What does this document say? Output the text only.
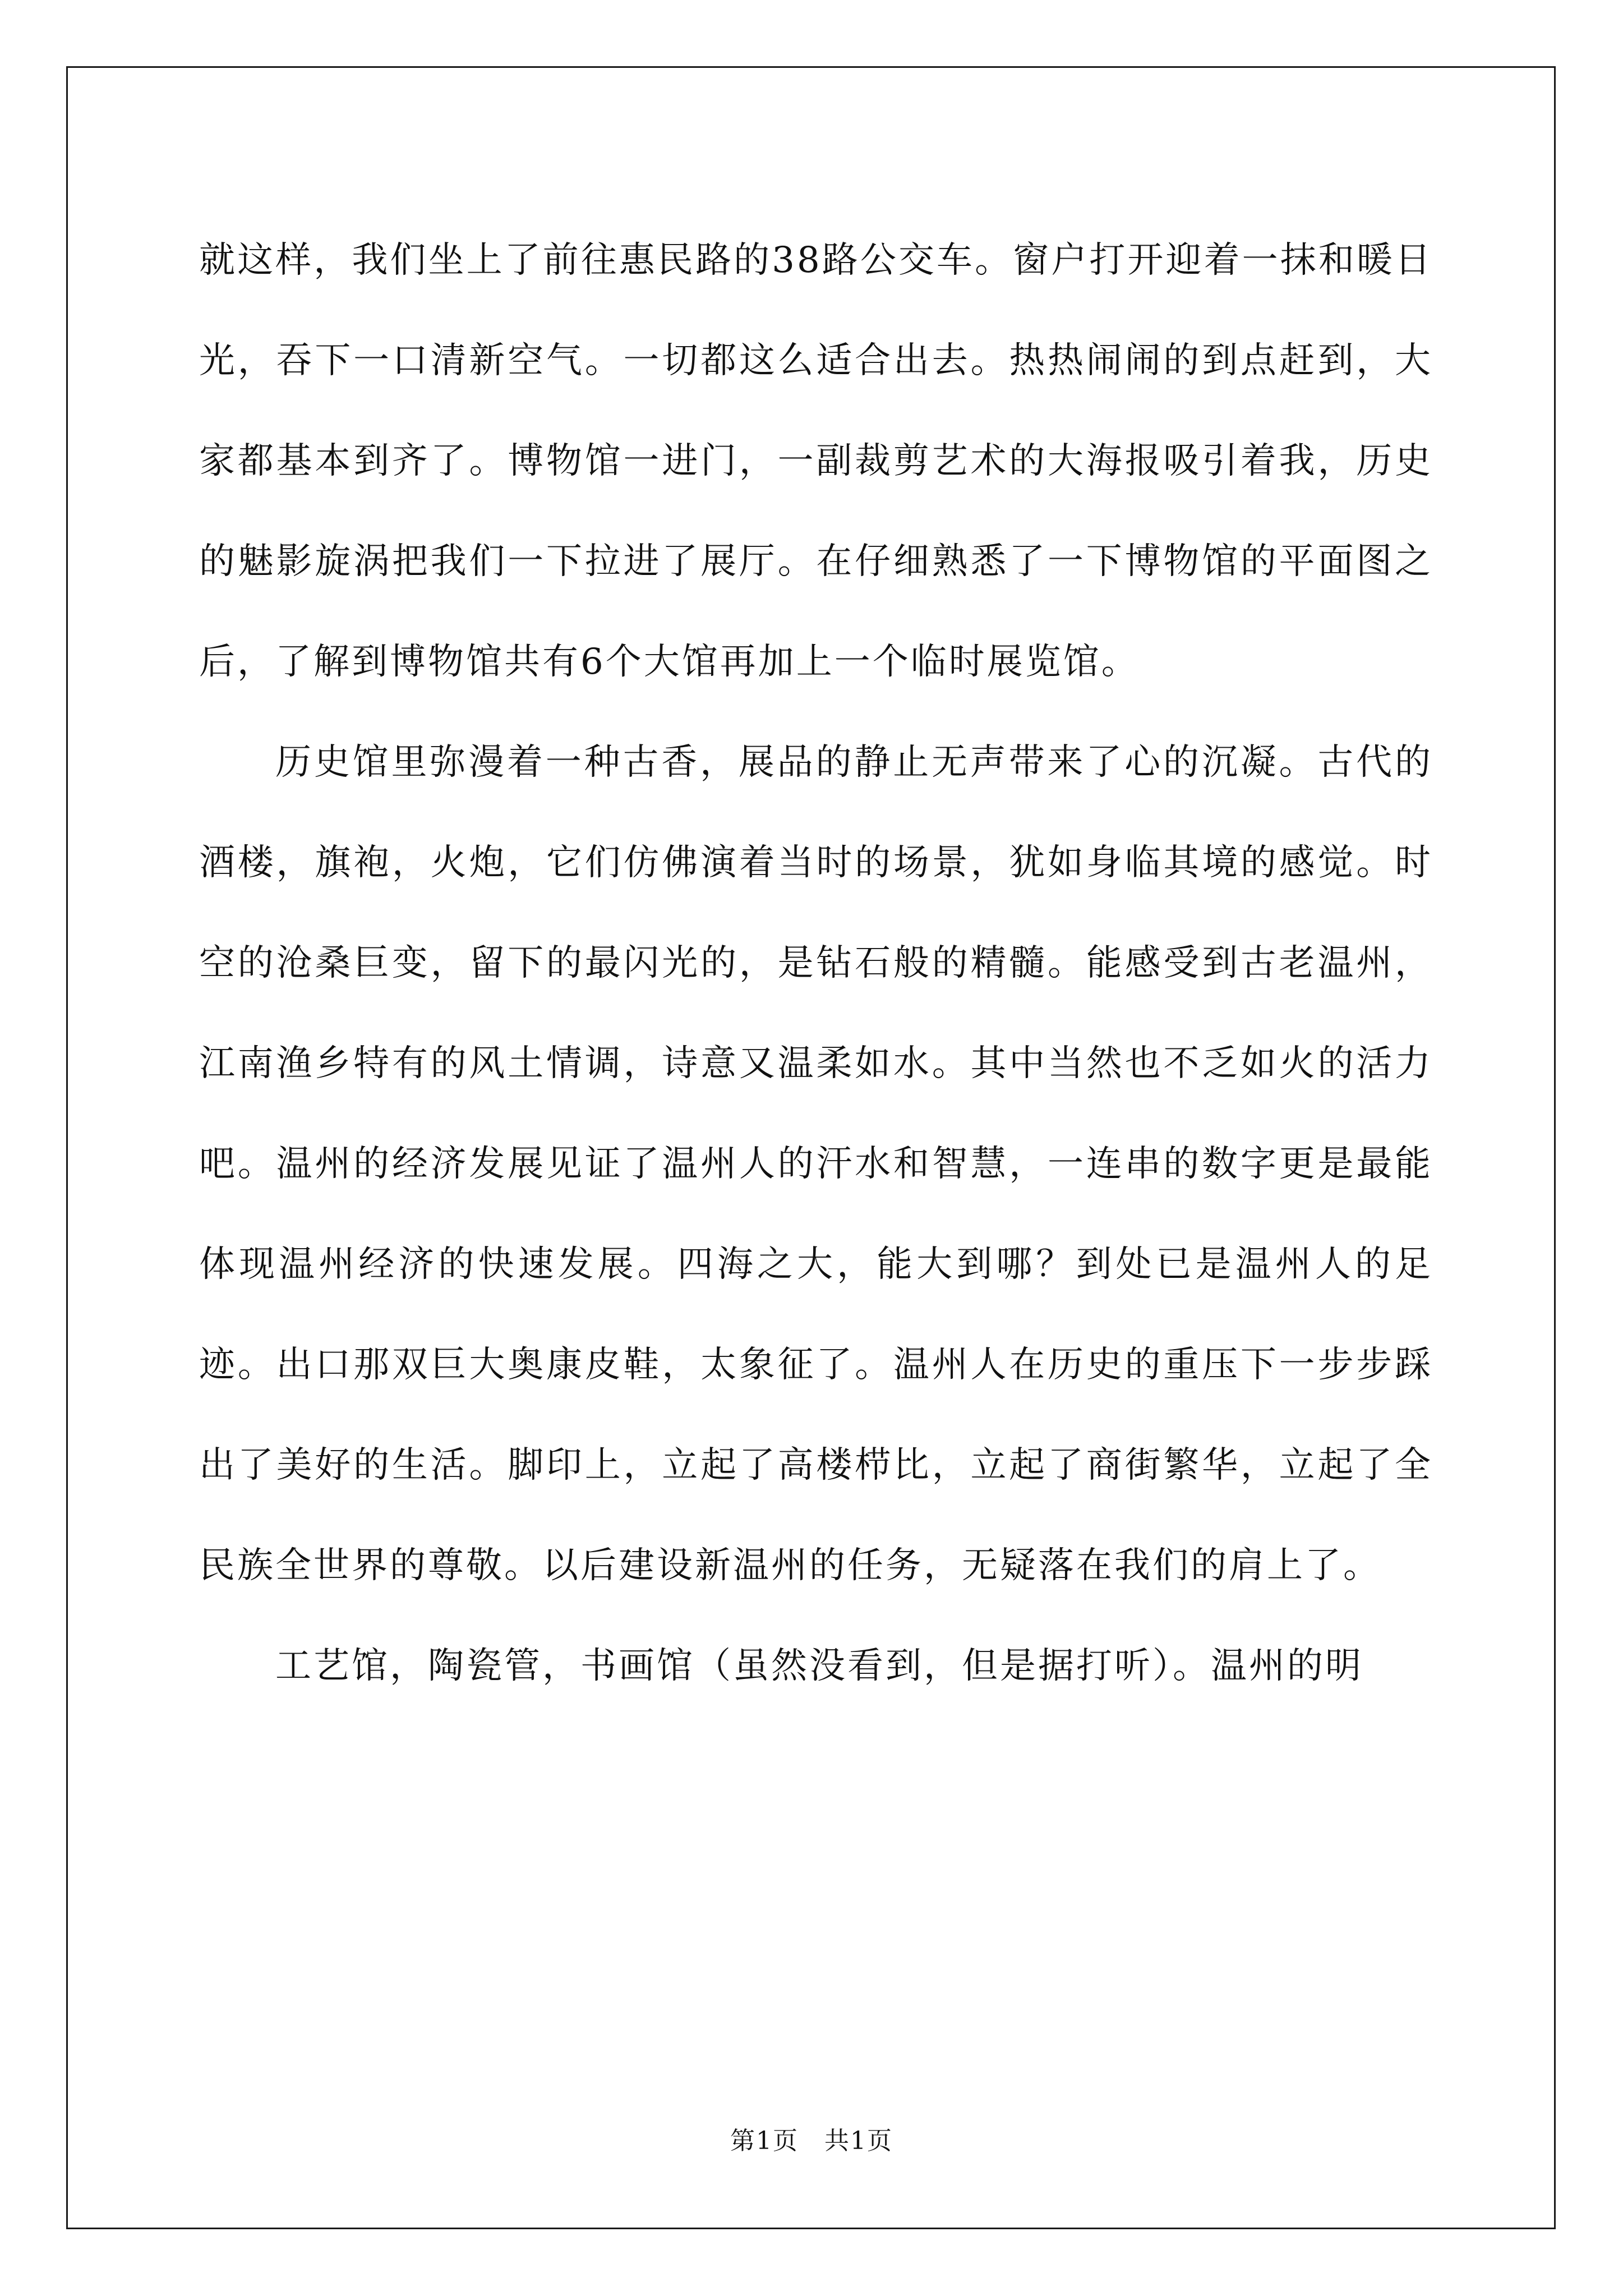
就这样，我们坐上了前往惠民路的38路公交车。窗户打开迎着一抹和暖日光，吞下一口清新空气。一切都这么适合出去。热热闹闹的到点赶到，大家都基本到齐了。博物馆一进门，一副裁剪艺术的大海报吸引着我，历史的魅影旋涡把我们一下拉进了展厅。在仔细熟悉了一下博物馆的平面图之后，了解到博物馆共有6个大馆再加上一个临时展览馆。

历史馆里弥漫着一种古香，展品的静止无声带来了心的沉凝。古代的酒楼，旗袍，火炮，它们仿佛演着当时的场景，犹如身临其境的感觉。时空的沧桑巨变，留下的最闪光的，是钻石般的精髓。能感受到古老温州，江南渔乡特有的风土情调，诗意又温柔如水。其中当然也不乏如火的活力吧。温州的经济发展见证了温州人的汗水和智慧，一连串的数字更是最能体现温州经济的快速发展。四海之大，能大到哪？到处已是温州人的足迹。出口那双巨大奥康皮鞋，太象征了。温州人在历史的重压下一步步踩出了美好的生活。脚印上，立起了高楼栉比，立起了商街繁华，立起了全民族全世界的尊敬。以后建设新温州的任务，无疑落在我们的肩上了。

工艺馆，陶瓷管，书画馆（虽然没看到，但是据打听）。温州的明

第1页 共1页
